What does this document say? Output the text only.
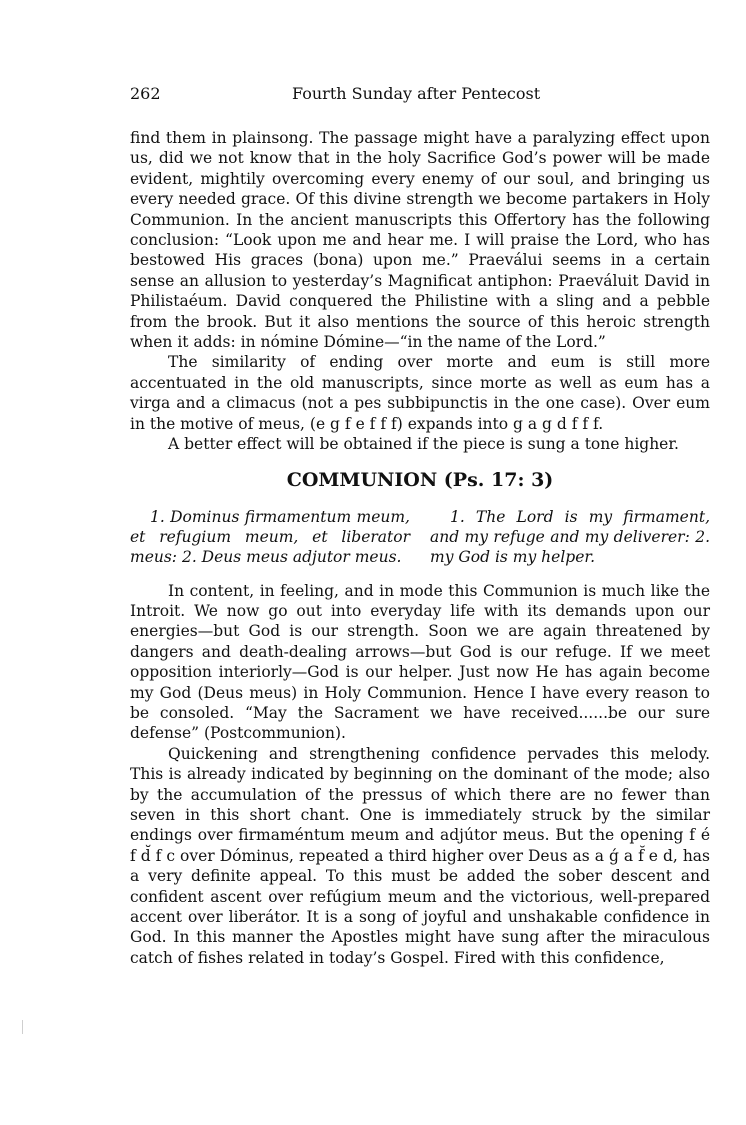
262	Fourth Sunday after Pentecost

find them in plainsong. The passage might have a paralyzing effect upon us, did we not know that in the holy Sacrifice God’s power will be made evident, mightily overcoming every enemy of our soul, and bringing us every needed grace. Of this divine strength we become partakers in Holy Communion. In the ancient manuscripts this Offertory has the following conclusion: “Look upon me and hear me. I will praise the Lord, who has bestowed His graces (bona) upon me.” Praeválui seems in a certain sense an allusion to yesterday’s Magnificat antiphon: Praeváluit David in Philistaéum. David conquered the Philistine with a sling and a pebble from the brook. But it also mentions the source of this heroic strength when it adds: in nómine Dómine—“in the name of the Lord.”

The similarity of ending over morte and eum is still more accentuated in the old manuscripts, since morte as well as eum has a virga and a climacus (not a pes subbipunctis in the one case). Over eum in the motive of meus, (e g f e f f f) expands into g a g d f f f.

A better effect will be obtained if the piece is sung a tone higher.

COMMUNION (Ps. 17: 3)

1. Dominus firmamentum meum, et refugium meum, et liberator meus: 2. Deus meus adjutor meus.

1. The Lord is my firmament, and my refuge and my deliverer: 2. my God is my helper.

In content, in feeling, and in mode this Communion is much like the Introit. We now go out into everyday life with its demands upon our energies—but God is our strength. Soon we are again threatened by dangers and death-dealing arrows—but God is our refuge. If we meet opposition interiorly—God is our helper. Just now He has again become my God (Deus meus) in Holy Communion. Hence I have every reason to be consoled. “May the Sacrament we have received......be our sure defense” (Postcommunion).

Quickening and strengthening confidence pervades this melody. This is already indicated by beginning on the dominant of the mode; also by the accumulation of the pressus of which there are no fewer than seven in this short chant. One is immediately struck by the similar endings over firmaméntum meum and adjútor meus. But the opening f é f d̆ f c over Dóminus, repeated a third higher over Deus as a ǵ a f̆ e d, has a very definite appeal. To this must be added the sober descent and confident ascent over refúgium meum and the victorious, well-prepared accent over liberátor. It is a song of joyful and unshakable confidence in God. In this manner the Apostles might have sung after the miraculous catch of fishes related in today’s Gospel. Fired with this confidence,
